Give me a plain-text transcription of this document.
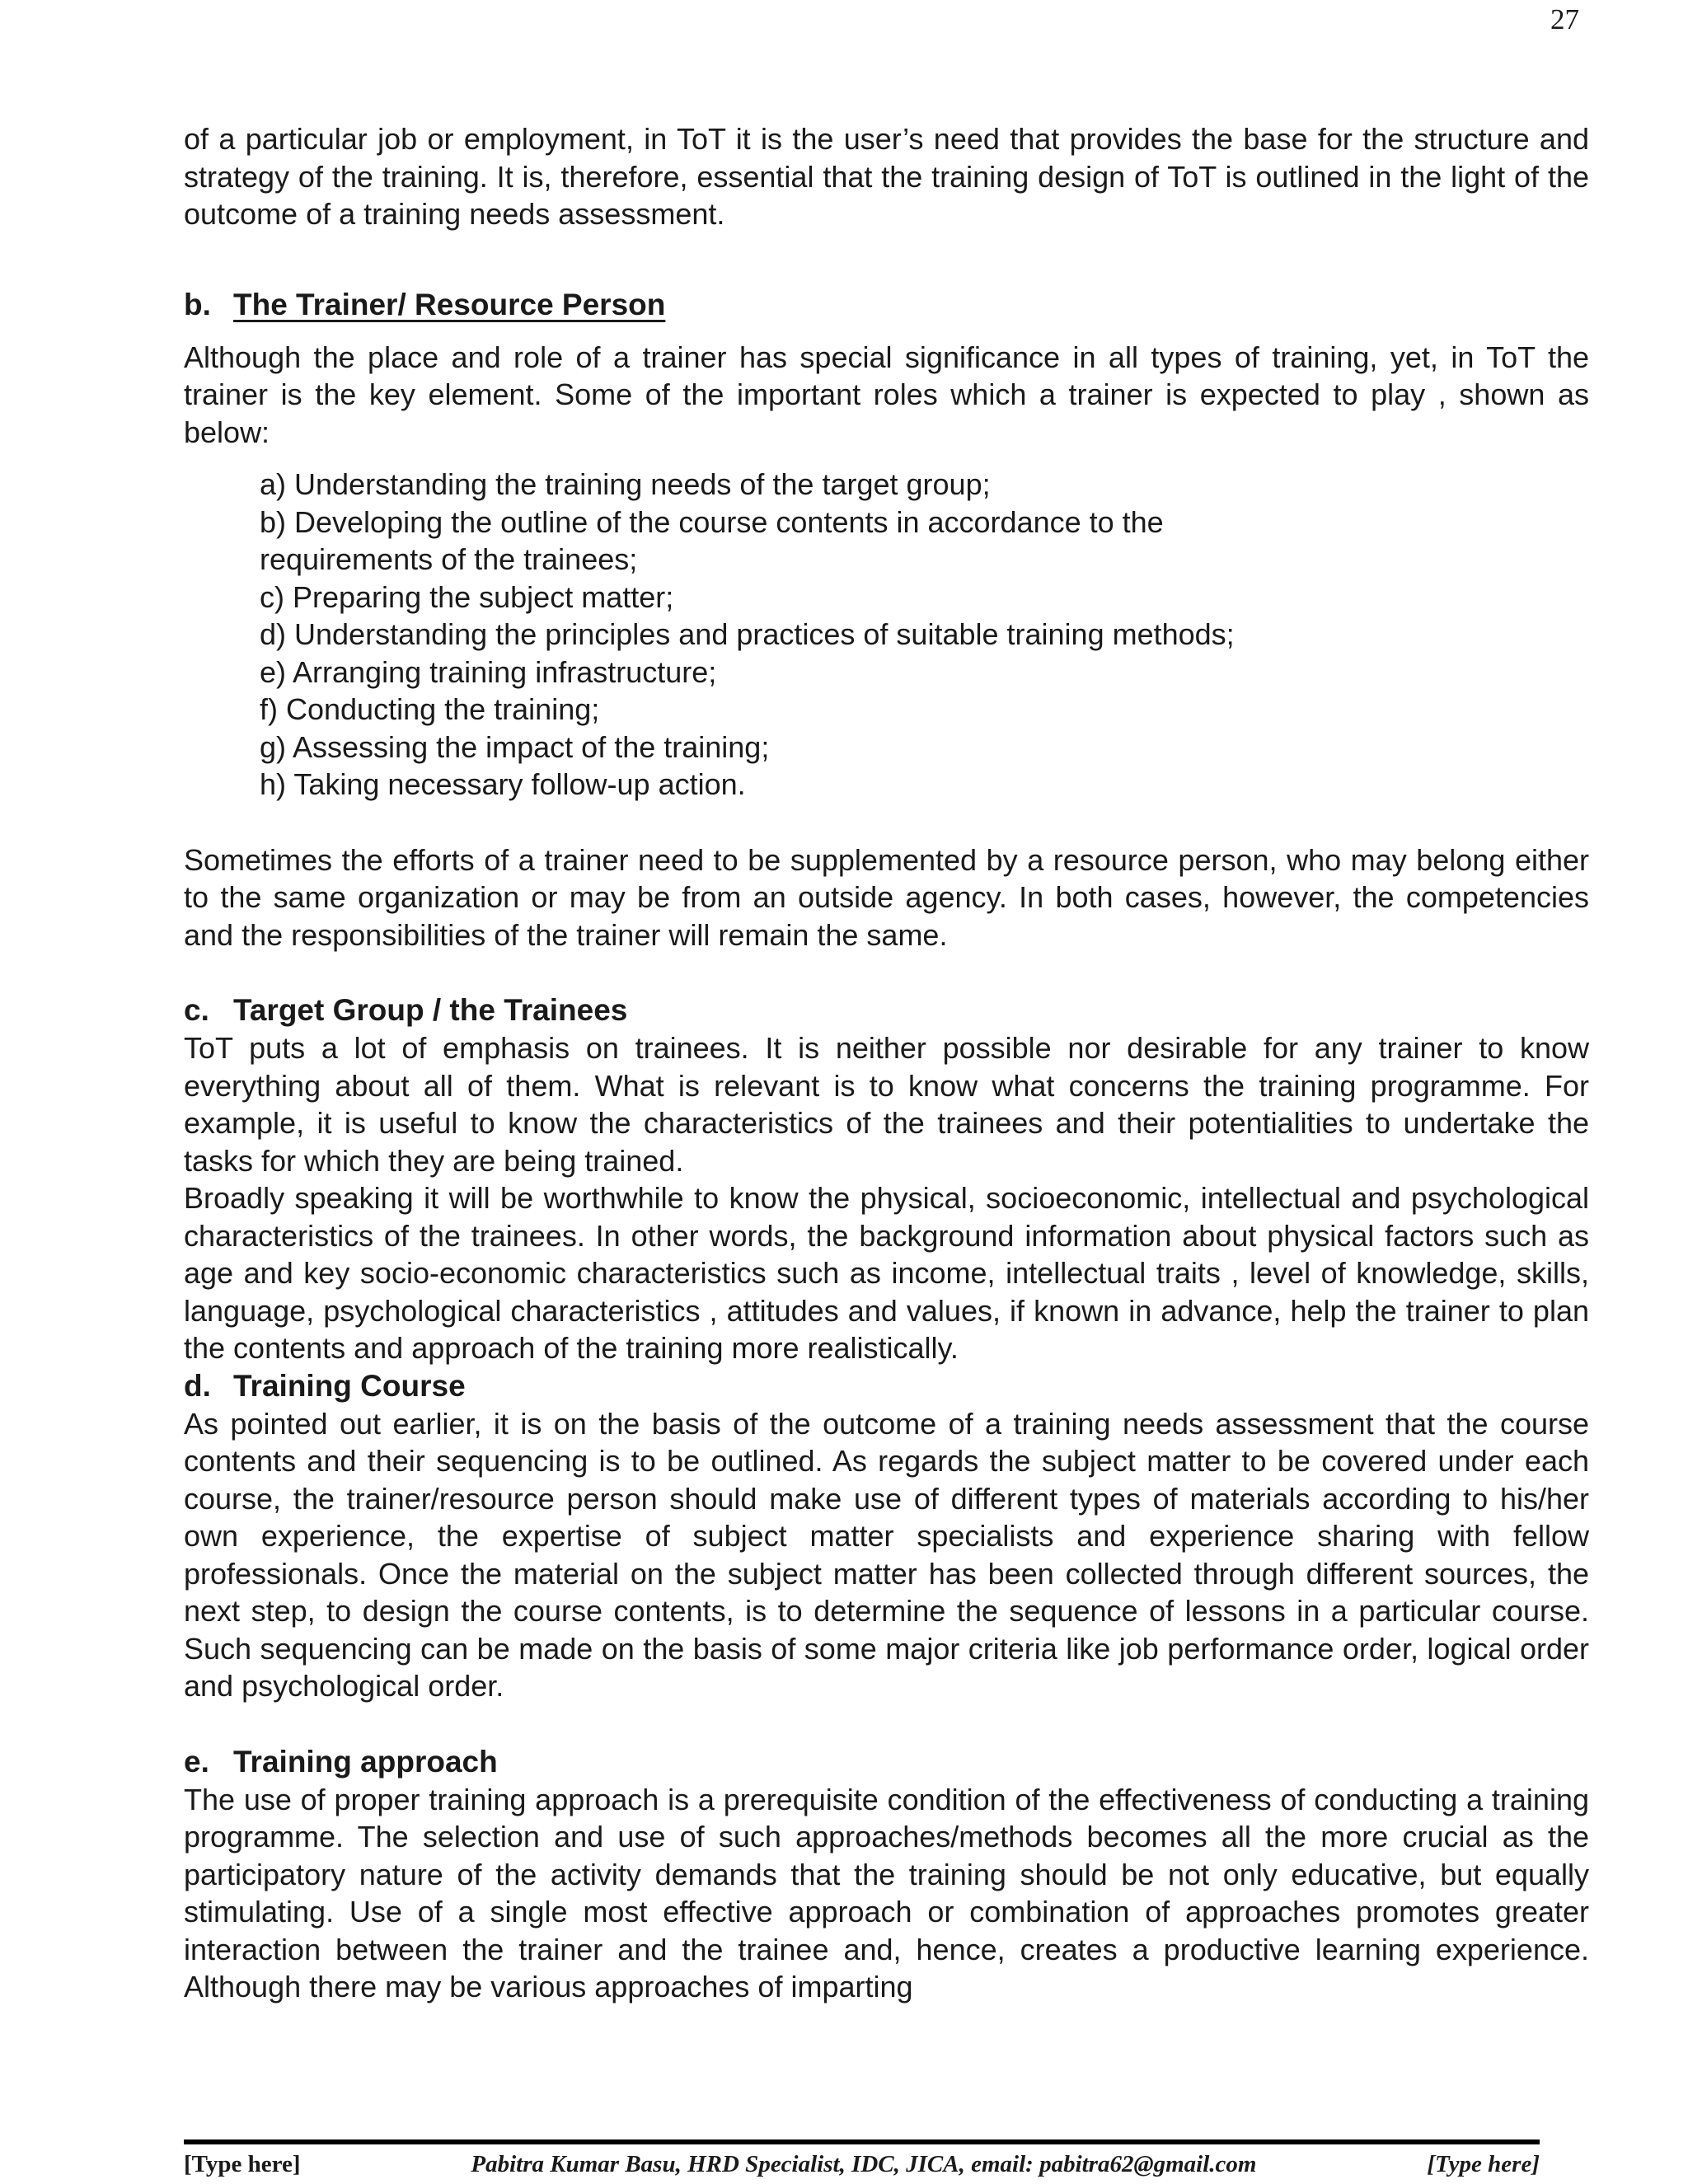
27

of a particular job or employment, in ToT it is the user’s need that provides the base for the structure and strategy of the training. It is, therefore, essential that the training design of ToT is outlined in the light of the outcome of a training needs assessment.

b. The Trainer/ Resource Person

Although the place and role of a trainer has special significance in all types of training, yet, in ToT the trainer is the key element. Some of the important roles which a trainer is expected to play , shown as below:

a) Understanding the training needs of the target group;
b) Developing the outline of the course contents in accordance to the requirements of the trainees;
c) Preparing the subject matter;
d) Understanding the principles and practices of suitable training methods;
e) Arranging training infrastructure;
f) Conducting the training;
g) Assessing the impact of the training;
h) Taking necessary follow-up action.

Sometimes the efforts of a trainer need to be supplemented by a resource person, who may belong either to the same organization or may be from an outside agency. In both cases, however, the competencies and the responsibilities of the trainer will remain the same.

c. Target Group / the Trainees

ToT puts a lot of emphasis on trainees. It is neither possible nor desirable for any trainer to know everything about all of them. What is relevant is to know what concerns the training programme. For example, it is useful to know the characteristics of the trainees and their potentialities to undertake the tasks for which they are being trained.

Broadly speaking it will be worthwhile to know the physical, socioeconomic, intellectual and psychological characteristics of the trainees. In other words, the background information about physical factors such as age and key socio-economic characteristics such as income, intellectual traits , level of knowledge, skills, language, psychological characteristics , attitudes and values, if known in advance, help the trainer to plan the contents and approach of the training more realistically.

d. Training Course

As pointed out earlier, it is on the basis of the outcome of a training needs assessment that the course contents and their sequencing is to be outlined. As regards the subject matter to be covered under each course, the trainer/resource person should make use of different types of materials according to his/her own experience, the expertise of subject matter specialists and experience sharing with fellow professionals. Once the material on the subject matter has been collected through different sources, the next step, to design the course contents, is to determine the sequence of lessons in a particular course. Such sequencing can be made on the basis of some major criteria like job performance order, logical order and psychological order.

e. Training approach

The use of proper training approach is a prerequisite condition of the effectiveness of conducting a training programme. The selection and use of such approaches/methods becomes all the more crucial as the participatory nature of the activity demands that the training should be not only educative, but equally stimulating. Use of a single most effective approach or combination of approaches promotes greater interaction between the trainer and the trainee and, hence, creates a productive learning experience. Although there may be various approaches of imparting

[Type here]	Pabitra Kumar Basu, HRD Specialist, IDC, JICA, email: pabitra62@gmail.com	[Type here]
